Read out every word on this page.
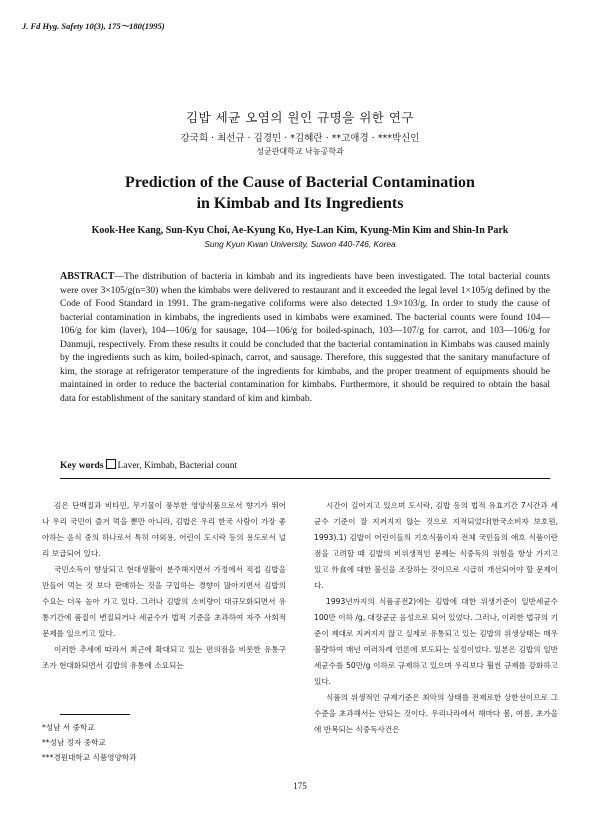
J. Fd Hyg. Safety 10(3), 175～180(1995)
김밥 세균 오염의 원인 규명을 위한 연구
강국희 · 최선규 · 김경민 · *김혜란 · **고애경 · ***박신인
성균관대학교 낙농공학과
Prediction of the Cause of Bacterial Contamination
in Kimbab and Its Ingredients
Kook-Hee Kang, Sun-Kyu Choi, Ae-Kyung Ko, Hye-Lan Kim, Kyung-Min Kim and Shin-In Park
Sung Kyun Kwan University, Suwon 440-746, Korea

ABSTRACT—The distribution of bacteria in kimbab and its ingredients have been investigated. The total bacterial counts were over 3×105/g(n=30) when the kimbabs were delivered to restaurant and it exceeded the legal level 1×105/g defined by the Code of Food Standard in 1991. The gram-negative coliforms were also detected 1.9×103/g. In order to study the cause of bacterial contamination in kimbabs, the ingredients used in kimbabs were examined. The bacterial counts were found 104—106/g for kim (laver), 104—106/g for sausage, 104—106/g for boiled-spinach, 103—107/g for carrot, and 103—106/g for Danmuji, respectively. From these results it could be concluded that the bacterial contamination in Kimbabs was caused mainly by the ingredients such as kim, boiled-spinach, carrot, and sausage. Therefore, this suggested that the sanitary manufacture of kim, the storage at refrigerator temperature of the ingredients for kimbabs, and the proper treatment of equipments should be maintained in order to reduce the bacterial contamination for kimbabs. Furthermore, it should be required to obtain the basal data for establishment of the sanitary standard of kim and kimbab.

Key words Laver, Kimbab, Bacterial count

김은 단백질과 비타민, 무기물이 풍부한 영양식품으로서 향기가 뛰어나 우리 국민이 즐겨 먹을 뿐만 아니라, 김밥은 우리 한국 사람이 가장 좋아하는 음식 중의 하나로서 특히 야외용, 어린이 도시락 등의 용도로서 널리 보급되어 있다.

국민소득이 향상되고 현대생활이 분주해지면서 가정에서 직접 김밥을 만들어 먹는 것 보다 판매하는 것을 구입하는 경향이 많아지면서 김밥의 수요는 더욱 높아 가고 있다. 그러나 김밥의 소비량이 대규모화되면서 유통기간에 품질이 변질되거나 세균수가 법적 기준을 초과하여 자주 사회적 문제를 일으키고 있다.

이러한 추세에 따라서 최근에 확대되고 있는 편의점을 비롯한 유통구조가 현대화되면서 김밥의 유통에 소요되는

시간이 길어지고 있으며 도시락, 김밥 등의 법적 유효기간 7시간과 세균수 기준이 잘 지켜지지 않는 것으로 지적되었다(한국소비자 보호원, 1993).1) 김밥이 어린이들의 기호식품이자 전체 국민들의 애호 식품이란 점을 고려할 때 김밥의 비위생적인 문제는 식중독의 위험을 항상 가지고 있고 外食에 대한 불신을 조장하는 것이므로 시급히 개선되어야 할 문제이다.

1993년까지의 식품공전2)에는 김밥에 대한 위생기준이 일반세균수 100만 이하 /g, 대장균군 음성으로 되어 있었다. 그러나, 이러한 법규의 기준이 제대로 지켜지지 않고 실제로 유통되고 있는 김밥의 위생상태는 매우 불량하여 매년 여러차례 언론에 보도되는 실정이었다. 일본은 김밥의 일반세균수를 50만/g 이하로 규제하고 있으며 우리보다 훨씬 규제를 강화하고 있다.

식품의 위생적인 규제기준은 최악의 상태를 전제로한 상한선이므로 그 수준을 초과해서는 안되는 것이다. 우리나라에서 해마다 봄, 여름, 초가을에 반복되는 식중독사건은

*성남 서 중학교
**성남 정자 중학교
***경원대학교 식품영양학과
175
